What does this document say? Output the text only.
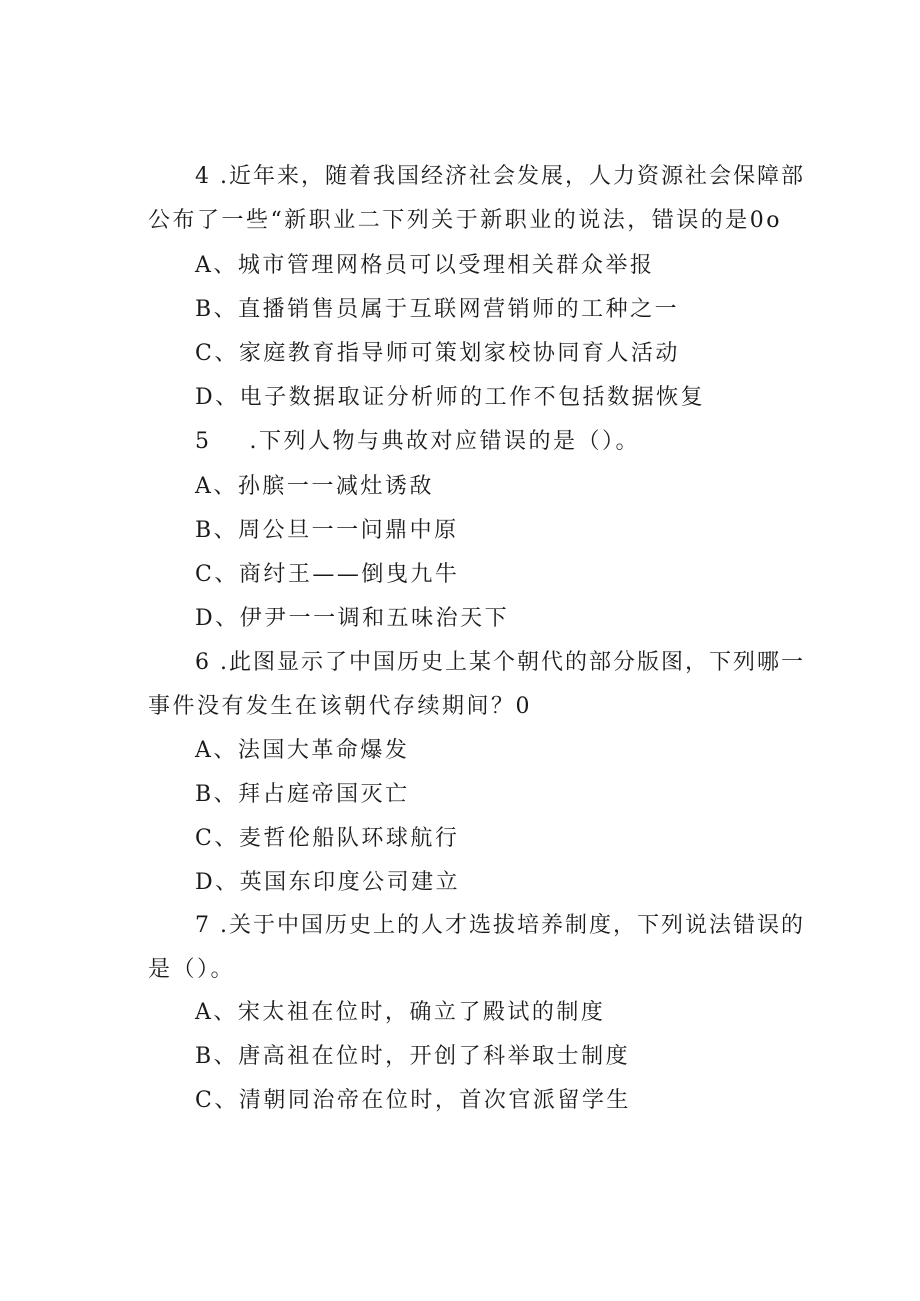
4 .近年来，随着我国经济社会发展，人力资源社会保障部
公布了一些“新职业二下列关于新职业的说法，错误的是0o
A、城市管理网格员可以受理相关群众举报
B、直播销售员属于互联网营销师的工种之一
C、家庭教育指导师可策划家校协同育人活动
D、电子数据取证分析师的工作不包括数据恢复
5    .下列人物与典故对应错误的是（）。
A、孙膑一一减灶诱敌
B、周公旦一一问鼎中原
C、商纣王——倒曳九牛
D、伊尹一一调和五味治天下
6 .此图显示了中国历史上某个朝代的部分版图，下列哪一
事件没有发生在该朝代存续期间？0
A、法国大革命爆发
B、拜占庭帝国灭亡
C、麦哲伦船队环球航行
D、英国东印度公司建立
7 .关于中国历史上的人才选拔培养制度，下列说法错误的
是（）。
A、宋太祖在位时，确立了殿试的制度
B、唐高祖在位时，开创了科举取士制度
C、清朝同治帝在位时，首次官派留学生
